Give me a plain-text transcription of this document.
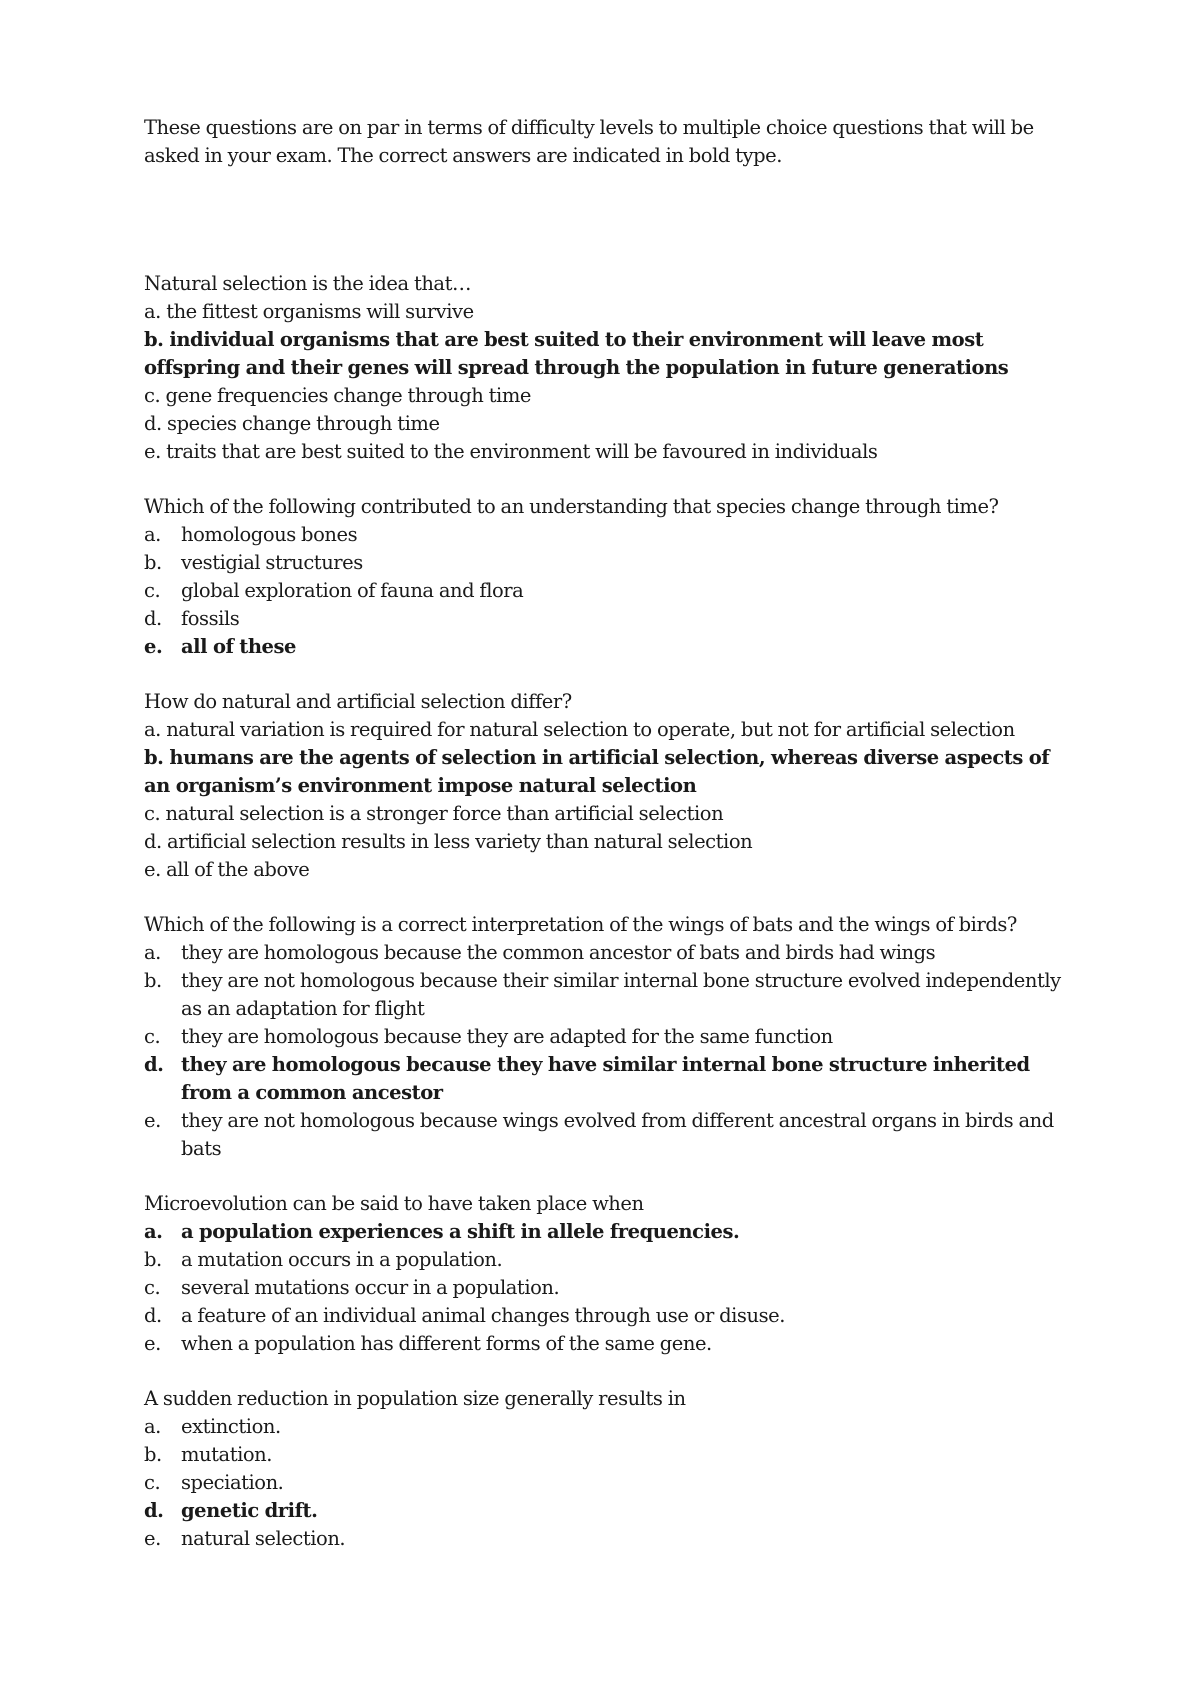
These questions are on par in terms of difficulty levels to multiple choice questions that will be asked in your exam. The correct answers are indicated in bold type.

Natural selection is the idea that…

a. the fittest organisms will survive
b. individual organisms that are best suited to their environment will leave most offspring and their genes will spread through the population in future generations
c. gene frequencies change through time
d. species change through time
e. traits that are best suited to the environment will be favoured in individuals

Which of the following contributed to an understanding that species change through time?

a.	homologous bones
b. vestigial structures
c.	global exploration of fauna and flora
d. fossils
e. all of these

How do natural and artificial selection differ?

a. natural variation is required for natural selection to operate, but not for artificial selection
b. humans are the agents of selection in artificial selection, whereas diverse aspects of an organism’s environment impose natural selection
c. natural selection is a stronger force than artificial selection
d. artificial selection results in less variety than natural selection
e. all of the above

Which of the following is a correct interpretation of the wings of bats and the wings of birds?

a.	they are homologous because the common ancestor of bats and birds had wings
b. they are not homologous because their similar internal bone structure evolved independently as an adaptation for flight
c.	they are homologous because they are adapted for the same function
d. they are homologous because they have similar internal bone structure inherited from a common ancestor
e.	they are not homologous because wings evolved from different ancestral organs in birds and bats

Microevolution can be said to have taken place when

a. a population experiences a shift in allele frequencies.
b. a mutation occurs in a population.
c.	several mutations occur in a population.
d. a feature of an individual animal changes through use or disuse.
e.	when a population has different forms of the same gene.

A sudden reduction in population size generally results in

a.	extinction.
b. mutation.
c.	speciation.
d. genetic drift.
e.	natural selection.
